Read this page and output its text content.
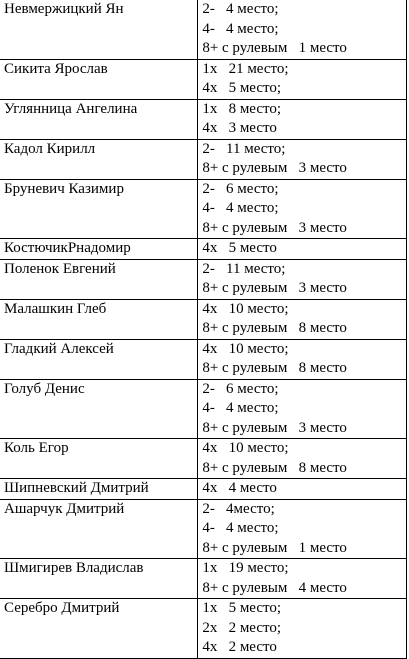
Невмержицкий Ян	2-   4 место;
4-   4 место;
8+ с рулевым   1 место

Сикита Ярослав	1х   21 место;
4х   5 место;

Углянница Ангелина	1х   8 место;
4х   3 место

Кадол Кирилл	2-   11 место;
8+ с рулевым   3 место

Бруневич Казимир	2-   6 место;
4-   4 место;
8+ с рулевым   3 место

КостючикРнадомир	4х   5 место

Поленок Евгений	2-   11 место;
8+ с рулевым   3 место

Малашкин Глеб	4х   10 место;
8+ с рулевым   8 место

Гладкий Алексей	4х   10 место;
8+ с рулевым   8 место

Голуб Денис	2-   6 место;
4-   4 место;
8+ с рулевым   3 место

Коль Егор	4х   10 место;
8+ с рулевым   8 место

Шипневский Дмитрий	4х   4 место

Ашарчук Дмитрий	2-   4место;
4-   4 место;
8+ с рулевым   1 место

Шмигирев Владислав	1х   19 место;
8+ с рулевым   4 место

Серебро Дмитрий	1х   5 место;
2х   2 место;
4х   2 место
